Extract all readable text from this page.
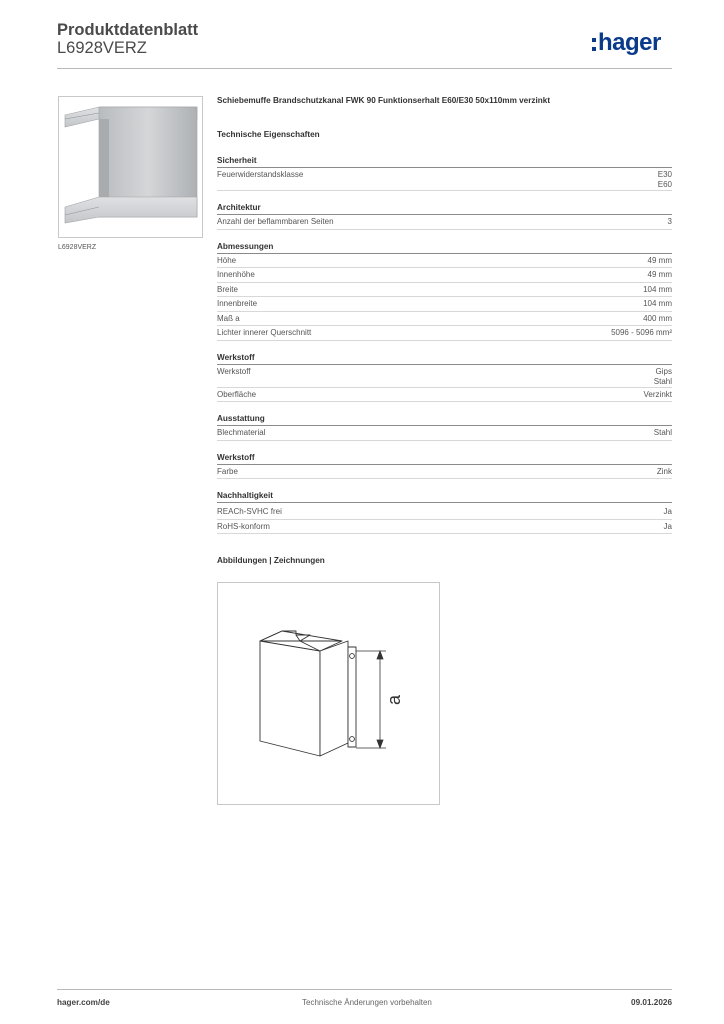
Produktdatenblatt
L6928VERZ	hager
L6928VERZ
Schiebemuffe Brandschutzkanal FWK 90 Funktionserhalt E60/E30 50x110mm verzinkt
Technische Eigenschaften
Sicherheit
Feuerwiderstandsklasse	E30
E60
Architektur
Anzahl der beflammbaren Seiten	3
Abmessungen
Höhe	49 mm
Innenhöhe	49 mm
Breite	104 mm
Innenbreite	104 mm
Maß a	400 mm
Lichter innerer Querschnitt	5096 - 5096 mm²
Werkstoff
Werkstoff	Gips
Stahl
Oberfläche	Verzinkt
Ausstattung
Blechmaterial	Stahl
Werkstoff
Farbe	Zink
Nachhaltigkeit
REACh-SVHC frei	Ja
RoHS-konform	Ja
Abbildungen | Zeichnungen
a
hager.com/de	Technische Änderungen vorbehalten	09.01.2026
